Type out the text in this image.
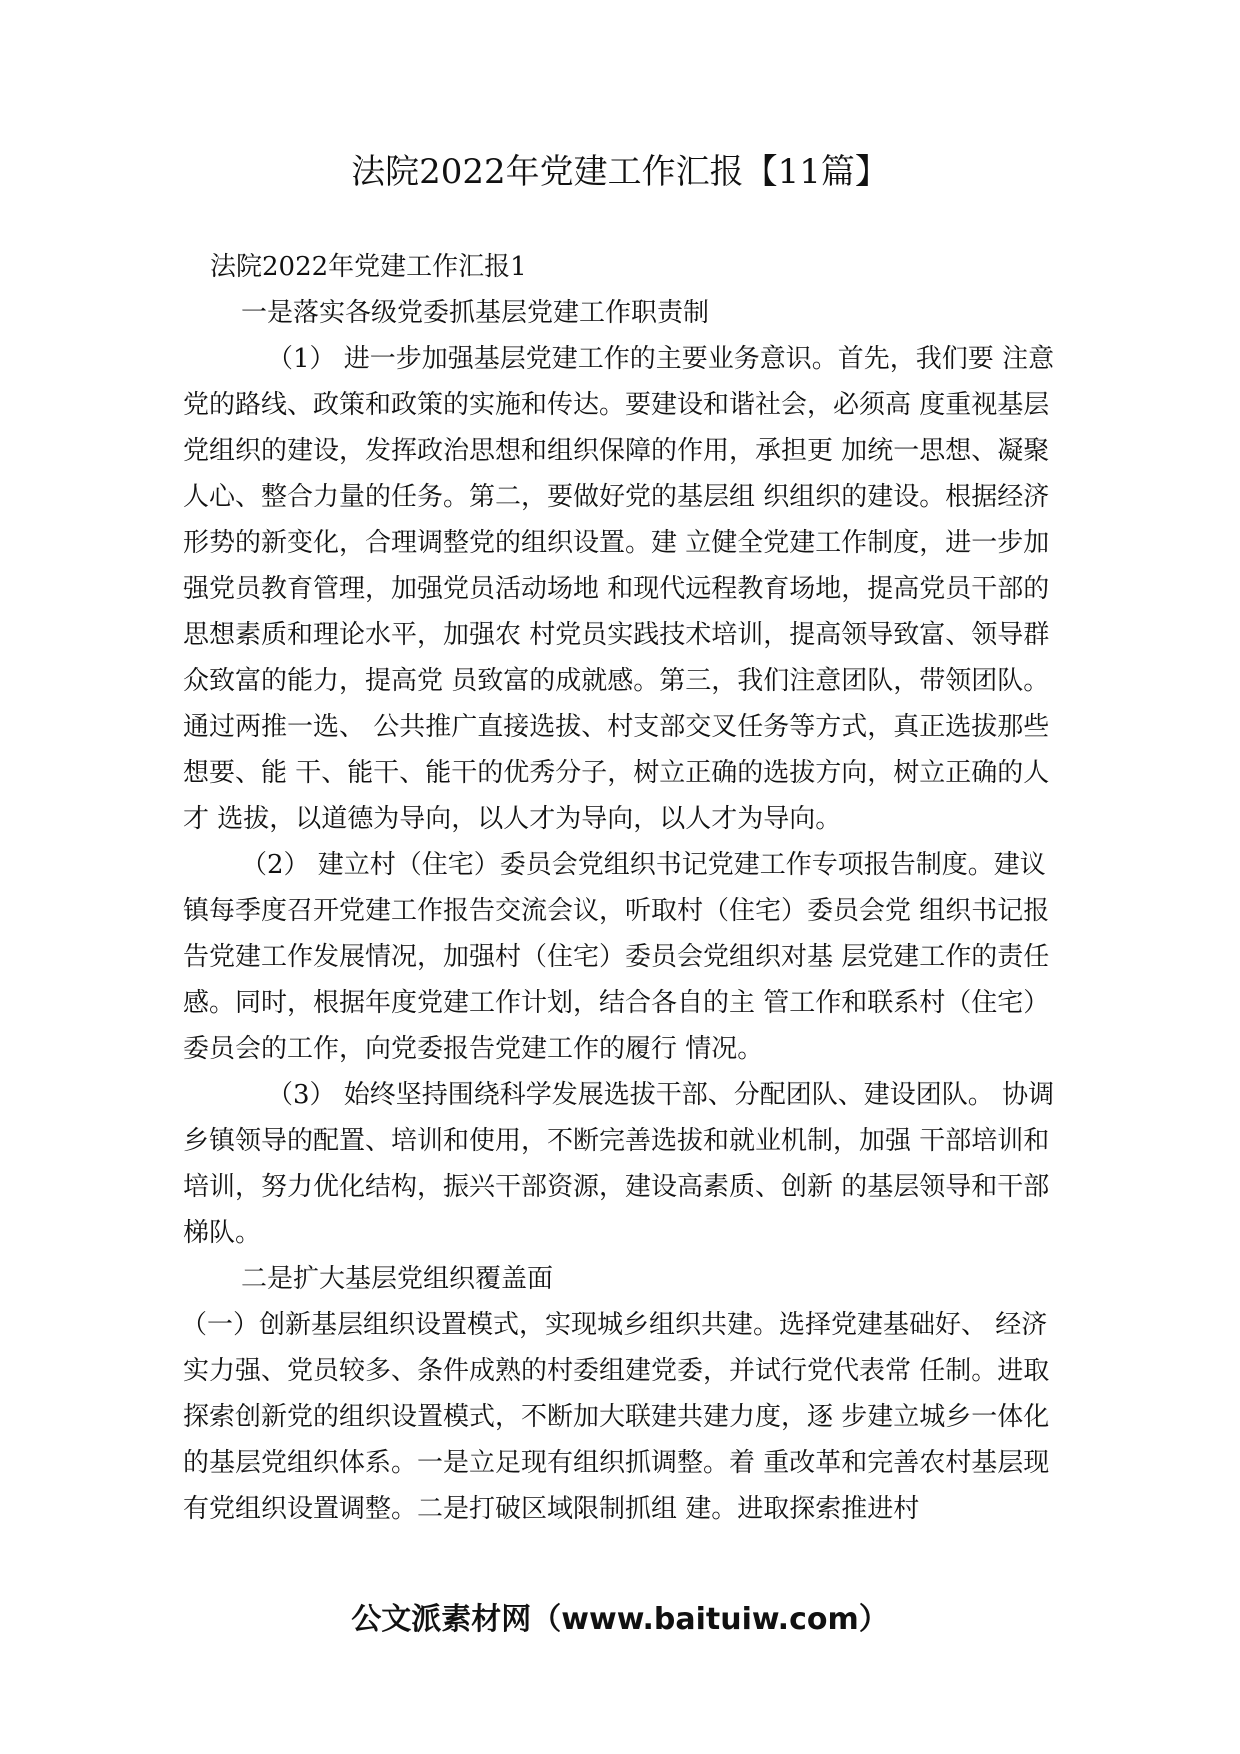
法院2022年党建工作汇报【11篇】

法院2022年党建工作汇报1

一是落实各级党委抓基层党建工作职责制

（1） 进一步加强基层党建工作的主要业务意识。首先，我们要 注意党的路线、政策和政策的实施和传达。要建设和谐社会，必须高 度重视基层党组织的建设，发挥政治思想和组织保障的作用，承担更 加统一思想、凝聚人心、整合力量的任务。第二，要做好党的基层组 织组织的建设。根据经济形势的新变化，合理调整党的组织设置。建 立健全党建工作制度，进一步加强党员教育管理，加强党员活动场地 和现代远程教育场地，提高党员干部的思想素质和理论水平，加强农 村党员实践技术培训，提高领导致富、领导群众致富的能力，提高党 员致富的成就感。第三，我们注意团队，带领团队。通过两推一选、 公共推广直接选拔、村支部交叉任务等方式，真正选拔那些想要、能 干、能干、能干的优秀分子，树立正确的选拔方向，树立正确的人才 选拔，以道德为导向，以人才为导向，以人才为导向。

（2） 建立村（住宅）委员会党组织书记党建工作专项报告制度。建议镇每季度召开党建工作报告交流会议，听取村（住宅）委员会党 组织书记报告党建工作发展情况，加强村（住宅）委员会党组织对基 层党建工作的责任感。同时，根据年度党建工作计划，结合各自的主 管工作和联系村（住宅）委员会的工作，向党委报告党建工作的履行 情况。

（3） 始终坚持围绕科学发展选拔干部、分配团队、建设团队。 协调乡镇领导的配置、培训和使用，不断完善选拔和就业机制，加强 干部培训和培训，努力优化结构，振兴干部资源，建设高素质、创新 的基层领导和干部梯队。

二是扩大基层党组织覆盖面

（一）创新基层组织设置模式，实现城乡组织共建。选择党建基础好、 经济实力强、党员较多、条件成熟的村委组建党委，并试行党代表常 任制。进取探索创新党的组织设置模式，不断加大联建共建力度，逐 步建立城乡一体化的基层党组织体系。一是立足现有组织抓调整。着 重改革和完善农村基层现有党组织设置调整。二是打破区域限制抓组 建。进取探索推进村

公文派素材网（www.baituiw.com）
